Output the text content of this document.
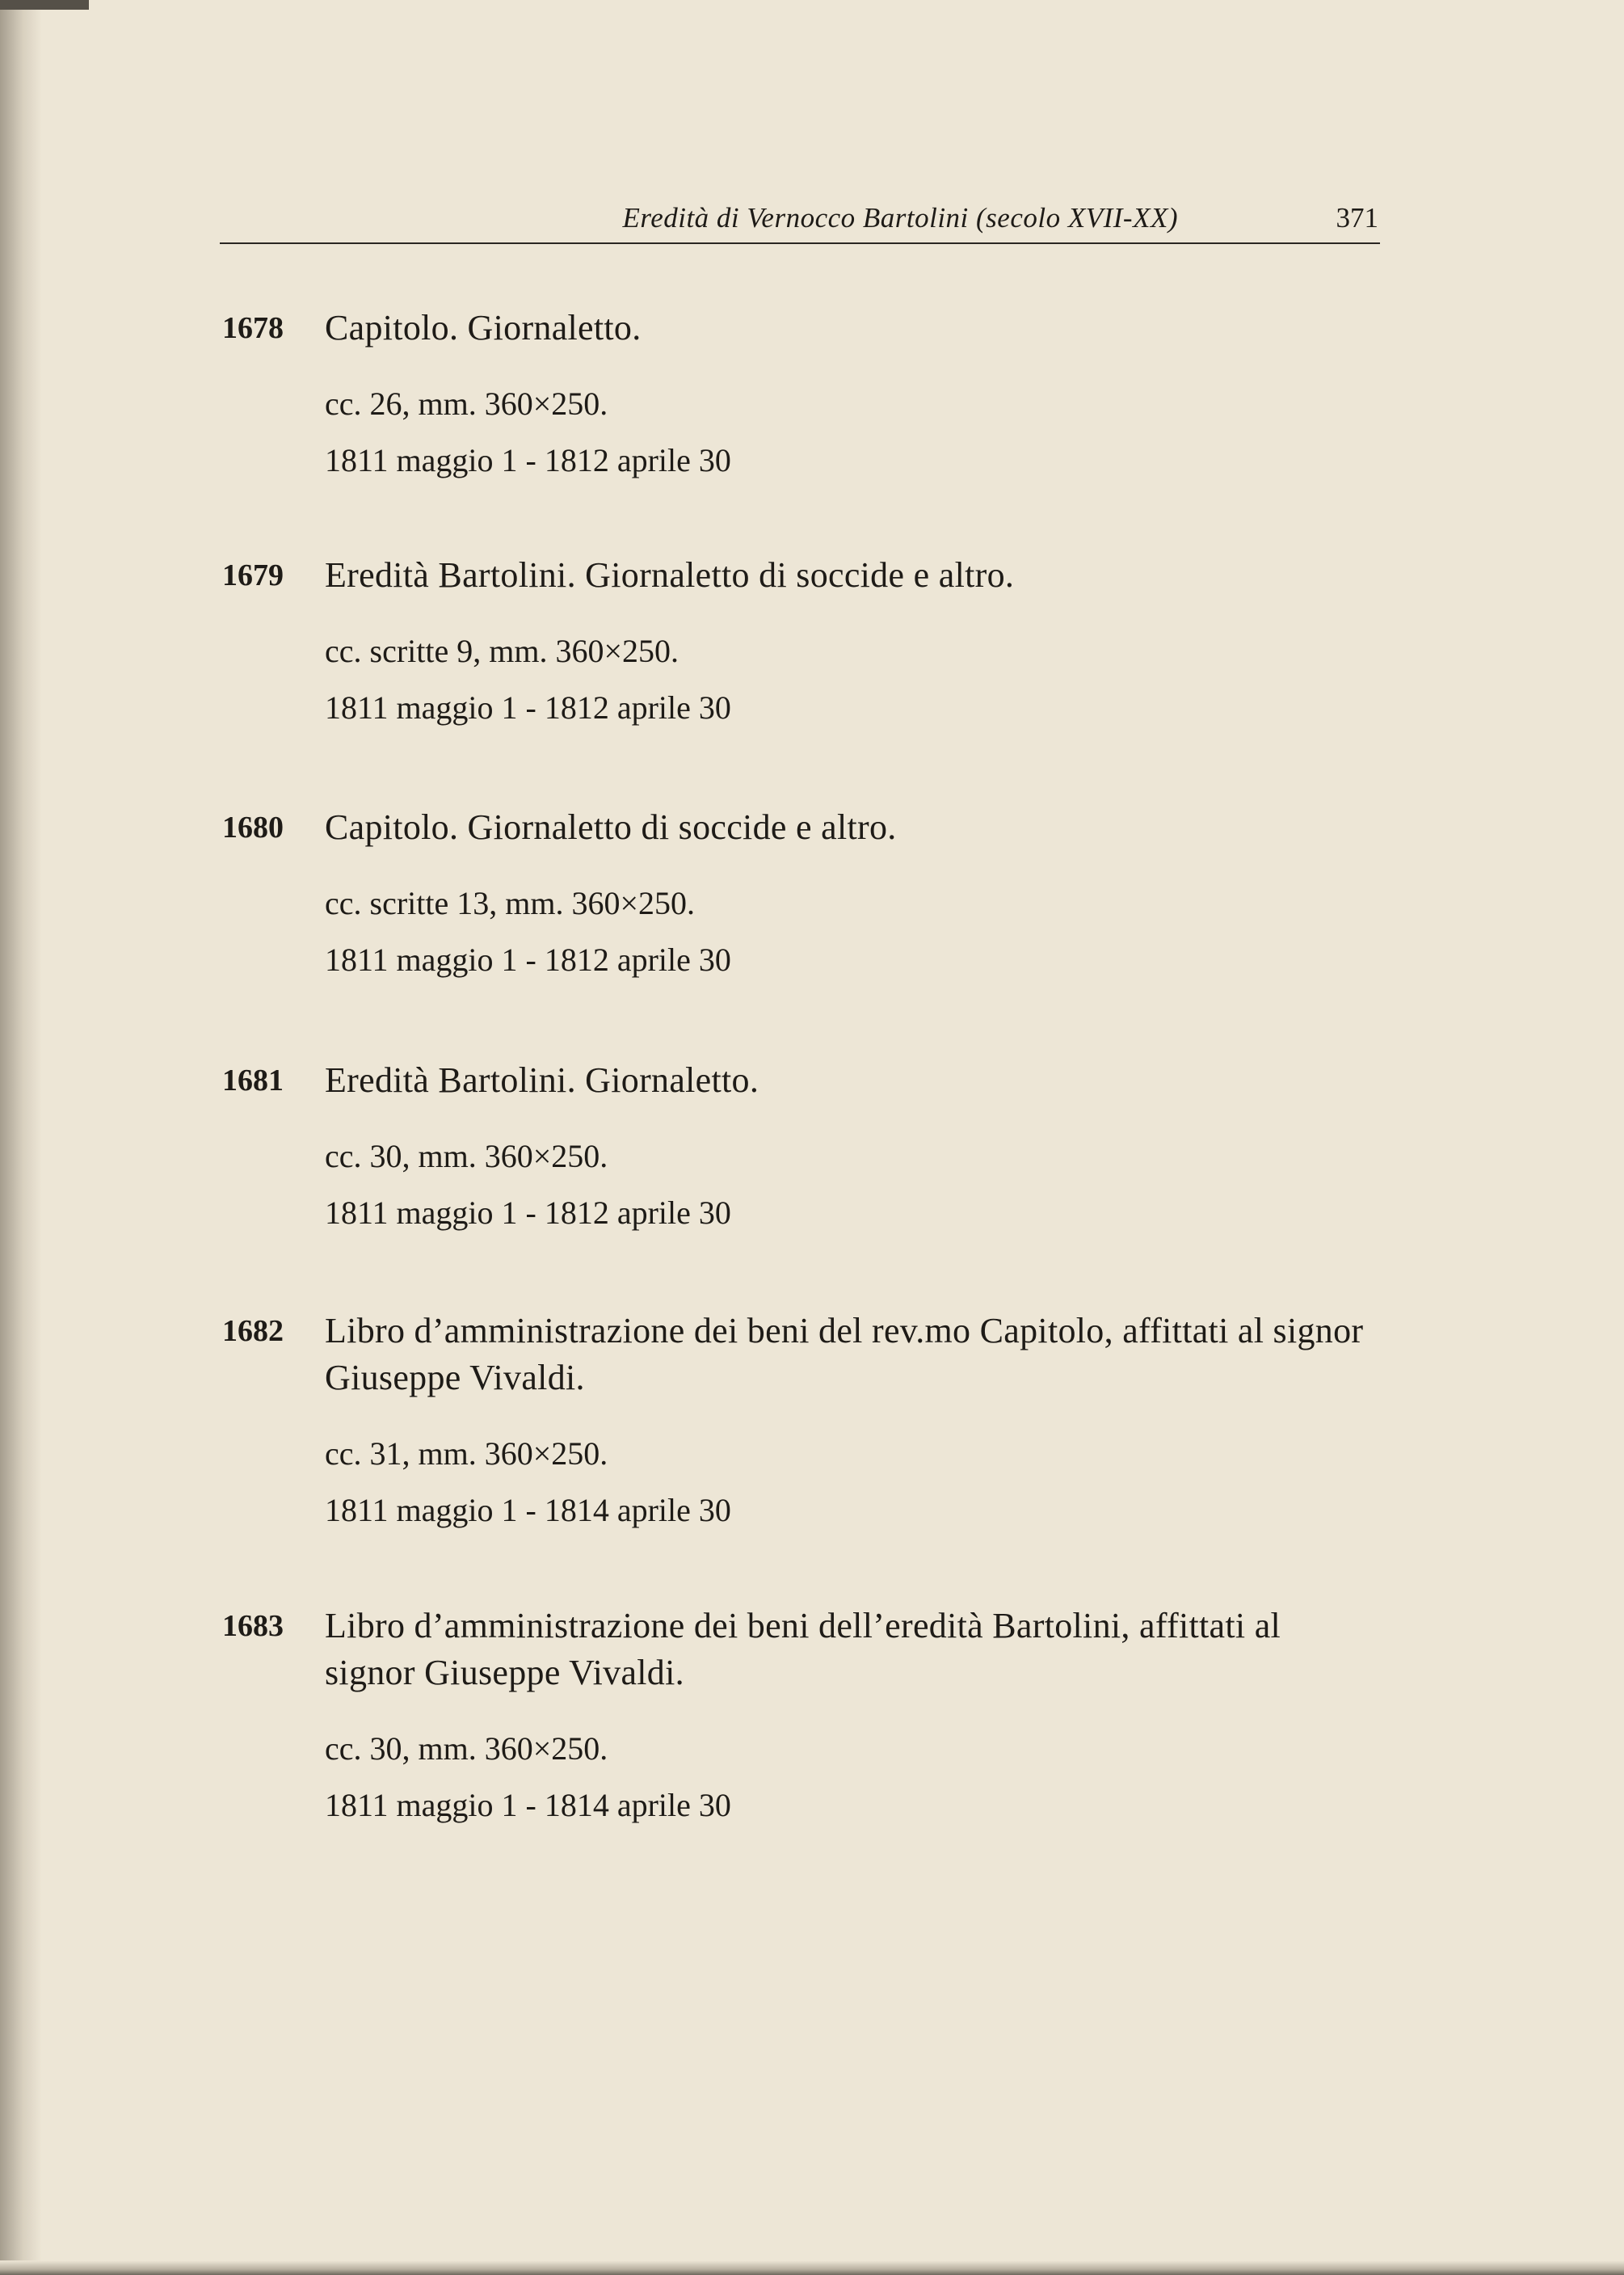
Eredità di Vernocco Bartolini (secolo XVII-XX)	371
1678 Capitolo. Giornaletto.
cc. 26, mm. 360×250.
1811 maggio 1 - 1812 aprile 30
1679 Eredità Bartolini. Giornaletto di soccide e altro.
cc. scritte 9, mm. 360×250.
1811 maggio 1 - 1812 aprile 30
1680 Capitolo. Giornaletto di soccide e altro.
cc. scritte 13, mm. 360×250.
1811 maggio 1 - 1812 aprile 30
1681 Eredità Bartolini. Giornaletto.
cc. 30, mm. 360×250.
1811 maggio 1 - 1812 aprile 30
1682 Libro d’amministrazione dei beni del rev.mo Capitolo, affittati al signor Giuseppe Vivaldi.
cc. 31, mm. 360×250.
1811 maggio 1 - 1814 aprile 30
1683 Libro d’amministrazione dei beni dell’eredità Bartolini, affittati al signor Giuseppe Vivaldi.
cc. 30, mm. 360×250.
1811 maggio 1 - 1814 aprile 30
